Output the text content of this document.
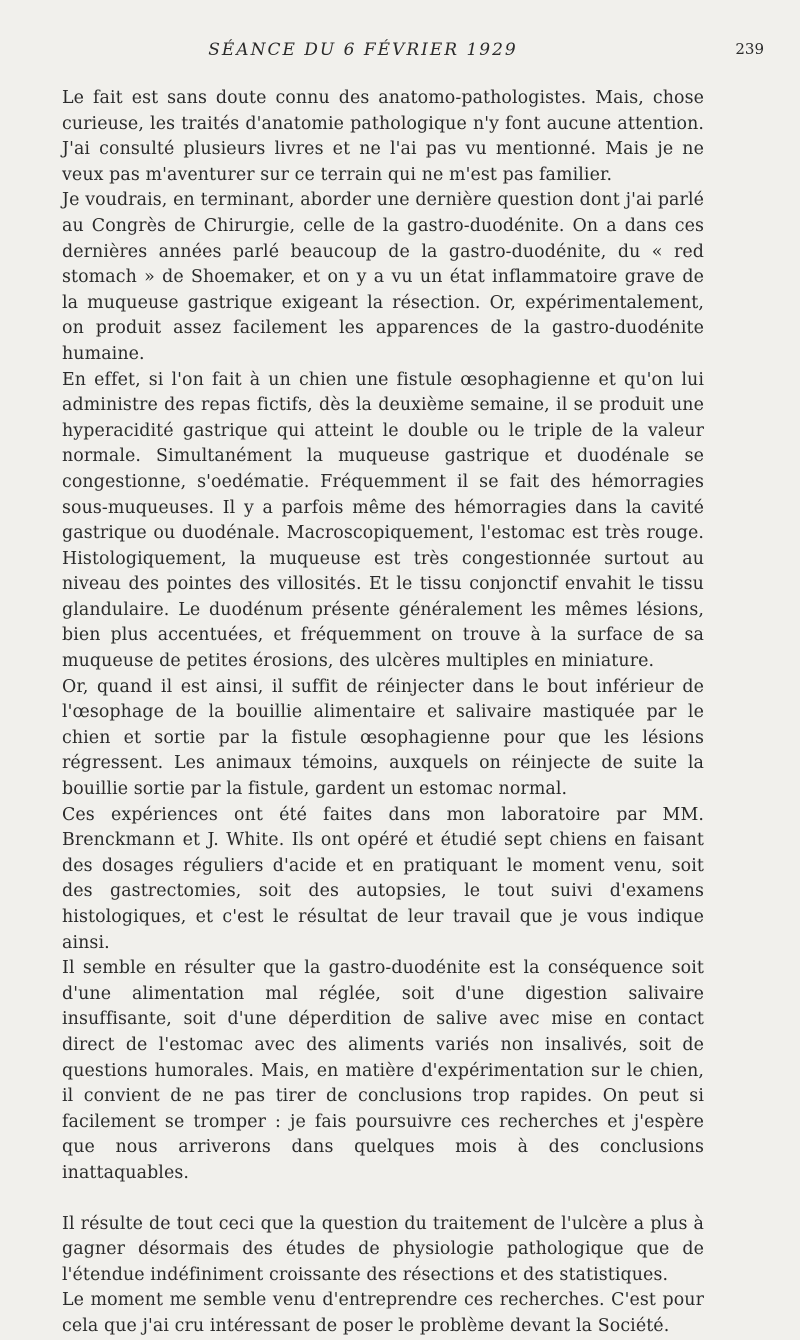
SÉANCE DU 6 FÉVRIER 1929	239

Le fait est sans doute connu des anatomo-pathologistes. Mais, chose curieuse, les traités d'anatomie pathologique n'y font aucune attention. J'ai consulté plusieurs livres et ne l'ai pas vu mentionné. Mais je ne veux pas m'aventurer sur ce terrain qui ne m'est pas familier.

Je voudrais, en terminant, aborder une dernière question dont j'ai parlé au Congrès de Chirurgie, celle de la gastro-duodénite. On a dans ces dernières années parlé beaucoup de la gastro-duodénite, du « red stomach » de Shoemaker, et on y a vu un état inflammatoire grave de la muqueuse gastrique exigeant la résection. Or, expérimentalement, on produit assez facilement les apparences de la gastro-duodénite humaine.

En effet, si l'on fait à un chien une fistule œsophagienne et qu'on lui administre des repas fictifs, dès la deuxième semaine, il se produit une hyperacidité gastrique qui atteint le double ou le triple de la valeur normale. Simultanément la muqueuse gastrique et duodénale se congestionne, s'oedématie. Fréquemment il se fait des hémorragies sous-muqueuses. Il y a parfois même des hémorragies dans la cavité gastrique ou duodénale. Macroscopiquement, l'estomac est très rouge. Histologiquement, la muqueuse est très congestionnée surtout au niveau des pointes des villosités. Et le tissu conjonctif envahit le tissu glandulaire. Le duodénum présente généralement les mêmes lésions, bien plus accentuées, et fréquemment on trouve à la surface de sa muqueuse de petites érosions, des ulcères multiples en miniature.

Or, quand il est ainsi, il suffit de réinjecter dans le bout inférieur de l'œsophage de la bouillie alimentaire et salivaire mastiquée par le chien et sortie par la fistule œsophagienne pour que les lésions régressent. Les animaux témoins, auxquels on réinjecte de suite la bouillie sortie par la fistule, gardent un estomac normal.

Ces expériences ont été faites dans mon laboratoire par MM. Brenckmann et J. White. Ils ont opéré et étudié sept chiens en faisant des dosages réguliers d'acide et en pratiquant le moment venu, soit des gastrectomies, soit des autopsies, le tout suivi d'examens histologiques, et c'est le résultat de leur travail que je vous indique ainsi.

Il semble en résulter que la gastro-duodénite est la conséquence soit d'une alimentation mal réglée, soit d'une digestion salivaire insuffisante, soit d'une déperdition de salive avec mise en contact direct de l'estomac avec des aliments variés non insalivés, soit de questions humorales. Mais, en matière d'expérimentation sur le chien, il convient de ne pas tirer de conclusions trop rapides. On peut si facilement se tromper : je fais poursuivre ces recherches et j'espère que nous arriverons dans quelques mois à des conclusions inattaquables.

Il résulte de tout ceci que la question du traitement de l'ulcère a plus à gagner désormais des études de physiologie pathologique que de l'étendue indéfiniment croissante des résections et des statistiques.

Le moment me semble venu d'entreprendre ces recherches. C'est pour cela que j'ai cru intéressant de poser le problème devant la Société.
